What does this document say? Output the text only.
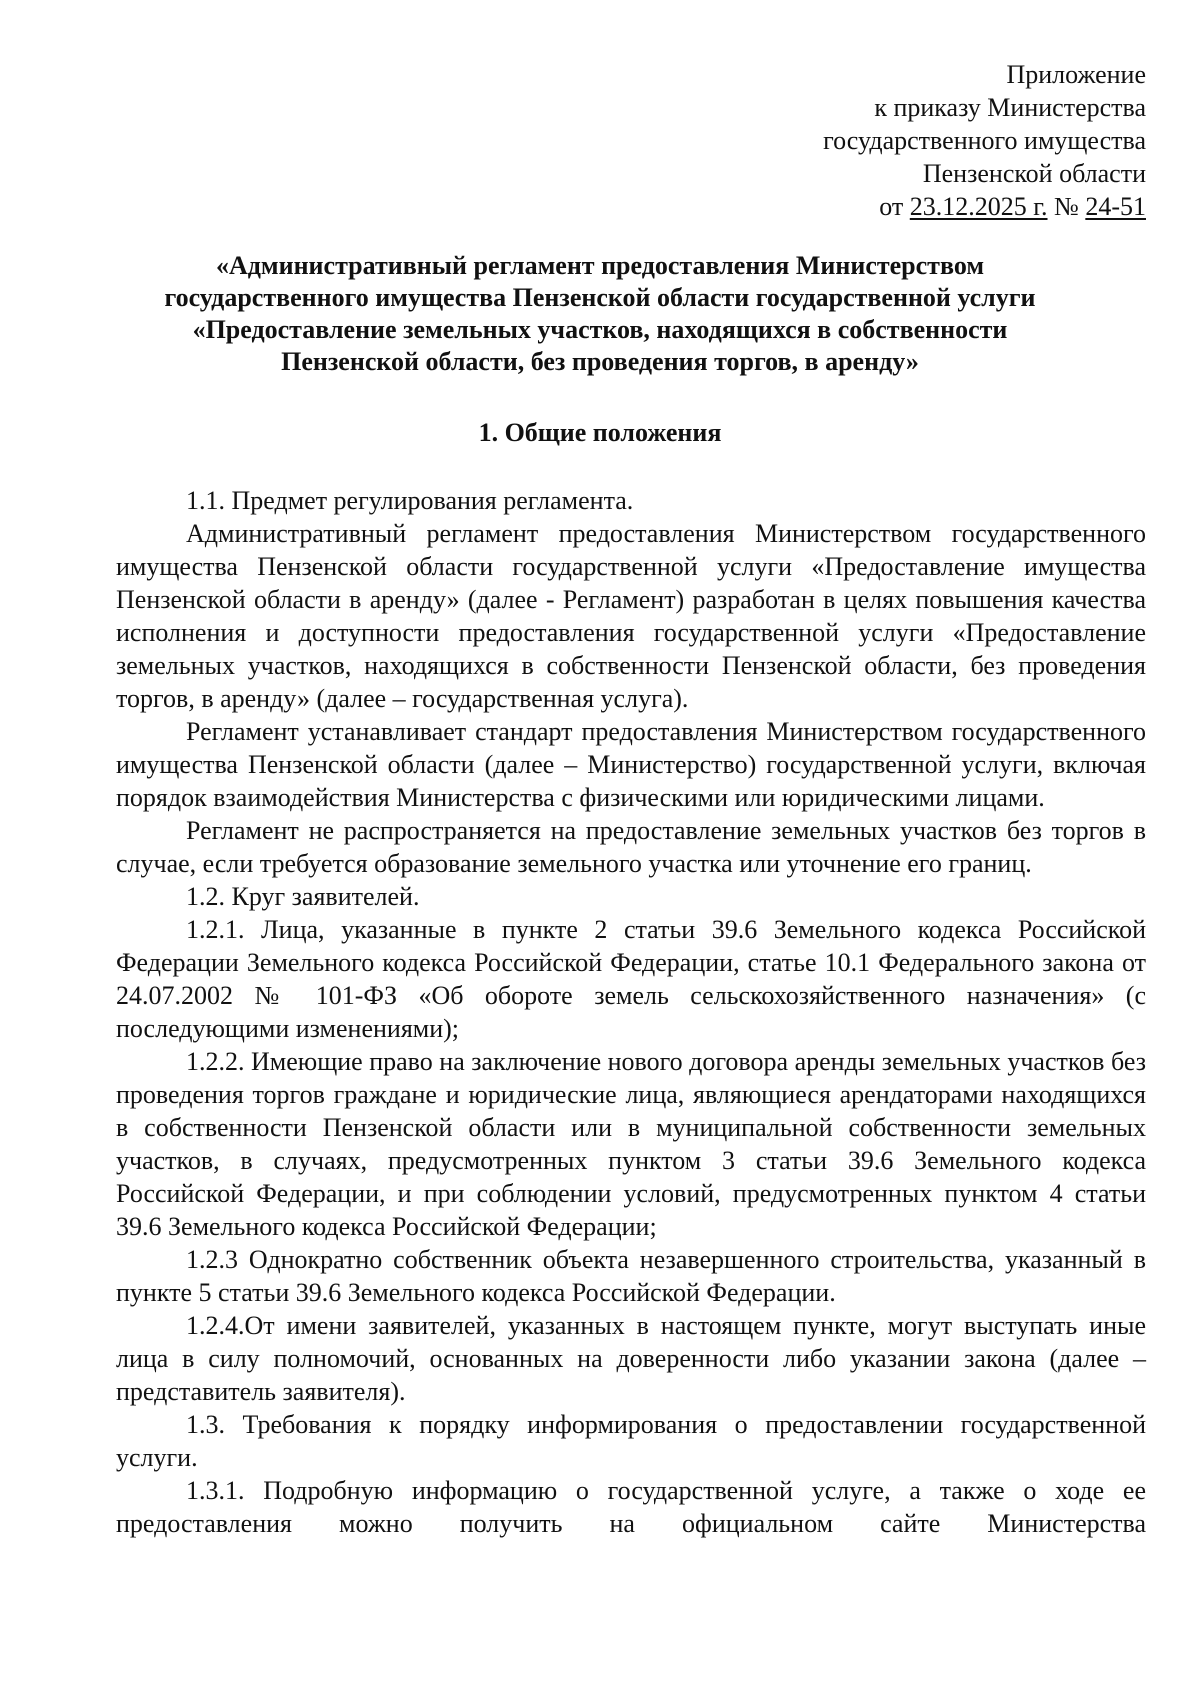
Приложение
к приказу Министерства
государственного имущества
Пензенской области
от 23.12.2025 г. № 24-51
«Административный регламент предоставления Министерством
государственного имущества Пензенской области государственной услуги
«Предоставление земельных участков, находящихся в собственности
Пензенской области, без проведения торгов, в аренду»
1. Общие положения

1.1. Предмет регулирования регламента.

Административный регламент предоставления Министерством государственного имущества Пензенской области государственной услуги «Предоставление имущества Пензенской области в аренду» (далее - Регламент) разработан в целях повышения качества исполнения и доступности предоставления государственной услуги «Предоставление земельных участков, находящихся в собственности Пензенской области, без проведения торгов, в аренду» (далее – государственная услуга).

Регламент устанавливает стандарт предоставления Министерством государственного имущества Пензенской области (далее – Министерство) государственной услуги, включая порядок взаимодействия Министерства с физическими или юридическими лицами.

Регламент не распространяется на предоставление земельных участков без торгов в случае, если требуется образование земельного участка или уточнение его границ.

1.2. Круг заявителей.

1.2.1. Лица, указанные в пункте 2 статьи 39.6 Земельного кодекса Российской Федерации Земельного кодекса Российской Федерации, статье 10.1 Федерального закона от 24.07.2002 № 101-ФЗ «Об обороте земель сельскохозяйственного назначения» (с последующими изменениями);

1.2.2. Имеющие право на заключение нового договора аренды земельных участков без проведения торгов граждане и юридические лица, являющиеся арендаторами находящихся в собственности Пензенской области или в муниципальной собственности земельных участков, в случаях, предусмотренных пунктом 3 статьи 39.6 Земельного кодекса Российской Федерации, и при соблюдении условий, предусмотренных пунктом 4 статьи 39.6 Земельного кодекса Российской Федерации;

1.2.3 Однократно собственник объекта незавершенного строительства, указанный в пункте 5 статьи 39.6 Земельного кодекса Российской Федерации.

1.2.4.От имени заявителей, указанных в настоящем пункте, могут выступать иные лица в силу полномочий, основанных на доверенности либо указании закона (далее – представитель заявителя).

1.3. Требования к порядку информирования о предоставлении государственной услуги.

1.3.1. Подробную информацию о государственной услуге, а также о ходе ее предоставления можно получить на официальном сайте Министерства
